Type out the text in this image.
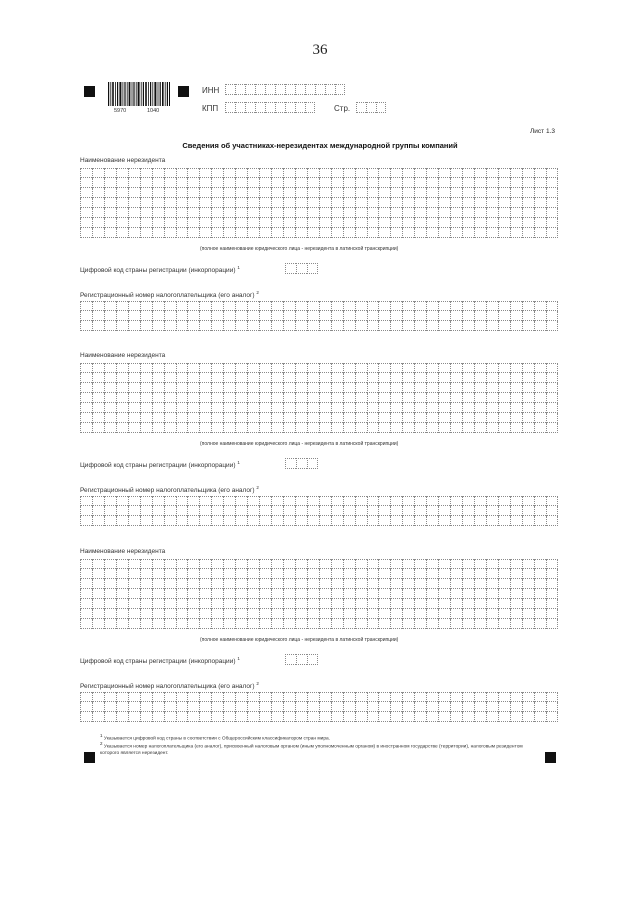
36
5970	1040
ИНН
КПП	Стр.
Лист 1.3
Сведения об участниках-нерезидентах международной группы компаний
Наименование нерезидента
(полное наименование юридического лица - нерезидента в латинской транскрипции)
Цифровой код страны регистрации (инкорпорации) $^1$
Регистрационный номер налогоплательщика (его аналог) $^2$
Наименование нерезидента
(полное наименование юридического лица - нерезидента в латинской транскрипции)
Цифровой код страны регистрации (инкорпорации) $^1$
Регистрационный номер налогоплательщика (его аналог) $^2$
Наименование нерезидента
(полное наименование юридического лица - нерезидента в латинской транскрипции)
Цифровой код страны регистрации (инкорпорации) $^1$
Регистрационный номер налогоплательщика (его аналог) $^2$
$^1$ Указывается цифровой код страны в соответствии с Общероссийским классификатором стран мира.
$^2$ Указывается номер налогоплательщика (его аналог), присвоенный налоговым органом (иным уполномоченным органом) в иностранном государстве (территории), налоговым резидентом которого является нерезидент.
